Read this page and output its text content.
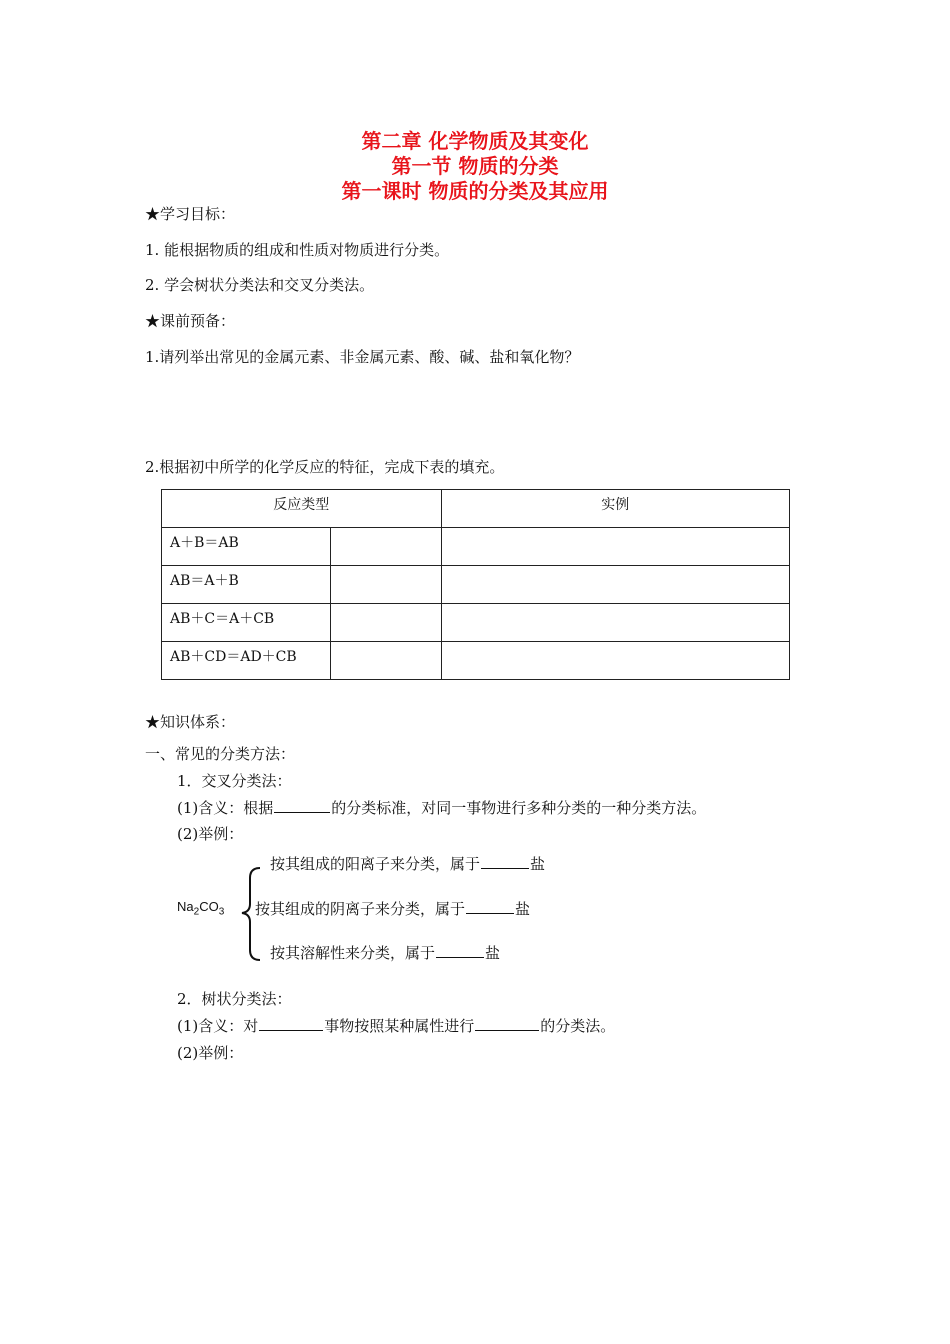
第二章 化学物质及其变化
第一节 物质的分类
第一课时 物质的分类及其应用
★学习目标：
1. 能根据物质的组成和性质对物质进行分类。
2. 学会树状分类法和交叉分类法。
★课前预备：
1.请列举出常见的金属元素、非金属元素、酸、碱、盐和氧化物？
2.根据初中所学的化学反应的特征，完成下表的填充。
反应类型		实例
A＋B＝AB		
AB＝A＋B		
AB＋C＝A＋CB		
AB＋CD＝AD＋CB		
★知识体系：
一、常见的分类方法：
1．交叉分类法：
(1)含义：根据	的分类标准，对同一事物进行多种分类的一种分类方法。
(2)举例：
$Na_2CO_3$
按其组成的阳离子来分类，属于	盐
按其组成的阴离子来分类，属于	盐
按其溶解性来分类，属于	盐
2．树状分类法：
(1)含义：对	事物按照某种属性进行	的分类法。
(2)举例：
